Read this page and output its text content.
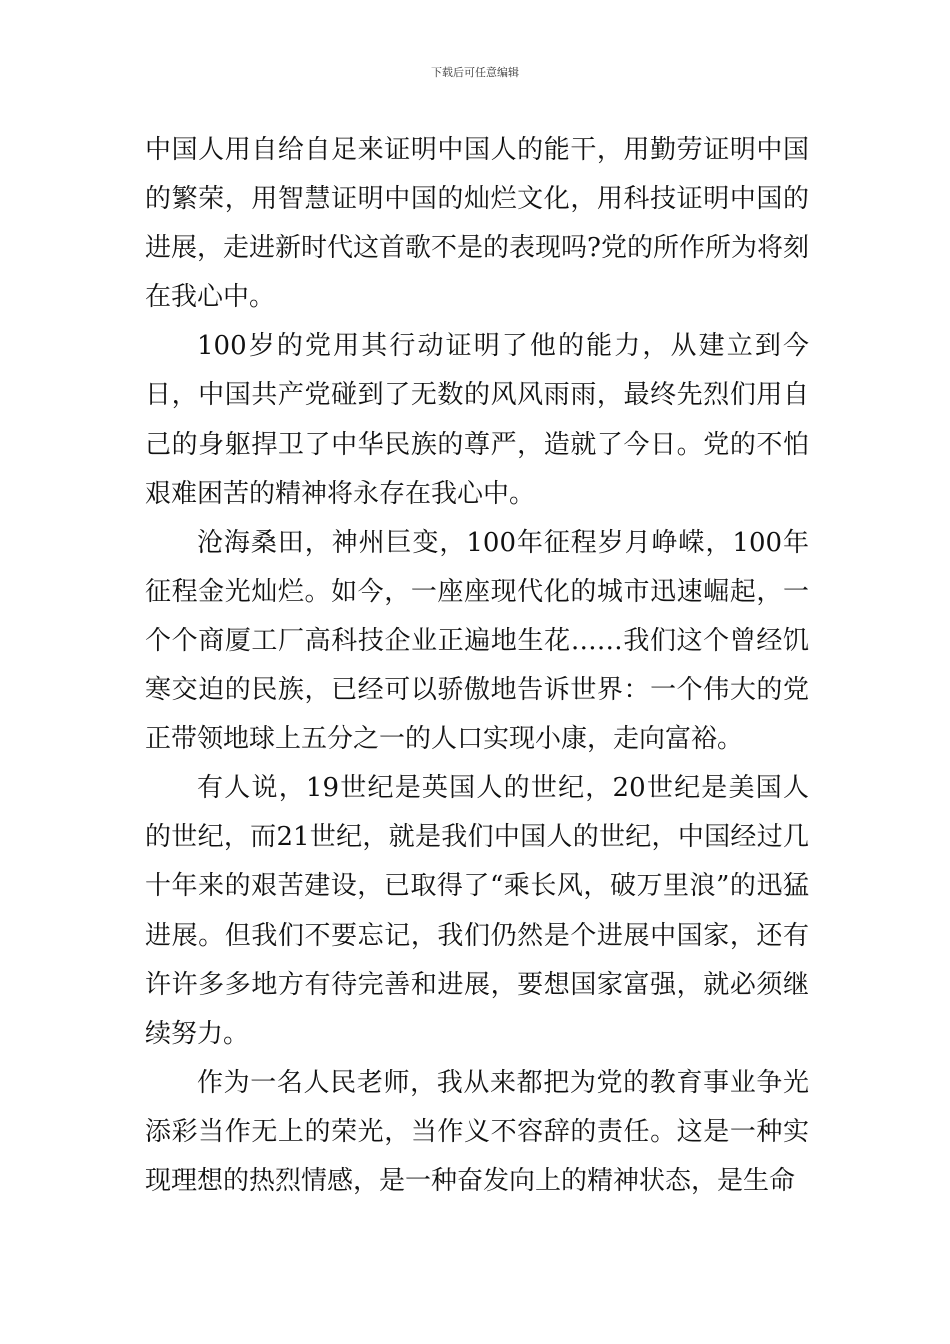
下载后可任意编辑

中国人用自给自足来证明中国人的能干，用勤劳证明中国的繁荣，用智慧证明中国的灿烂文化，用科技证明中国的进展，走进新时代这首歌不是的表现吗?党的所作所为将刻在我心中。

100岁的党用其行动证明了他的能力，从建立到今日，中国共产党碰到了无数的风风雨雨，最终先烈们用自己的身躯捍卫了中华民族的尊严，造就了今日。党的不怕艰难困苦的精神将永存在我心中。

沧海桑田，神州巨变，100年征程岁月峥嵘，100年征程金光灿烂。如今，一座座现代化的城市迅速崛起，一个个商厦工厂高科技企业正遍地生花……我们这个曾经饥寒交迫的民族，已经可以骄傲地告诉世界：一个伟大的党正带领地球上五分之一的人口实现小康，走向富裕。

有人说，19世纪是英国人的世纪，20世纪是美国人的世纪，而21世纪，就是我们中国人的世纪，中国经过几十年来的艰苦建设，已取得了“乘长风，破万里浪”的迅猛进展。但我们不要忘记，我们仍然是个进展中国家，还有许许多多地方有待完善和进展，要想国家富强，就必须继续努力。

作为一名人民老师，我从来都把为党的教育事业争光添彩当作无上的荣光，当作义不容辞的责任。这是一种实现理想的热烈情感，是一种奋发向上的精神状态，是生命
